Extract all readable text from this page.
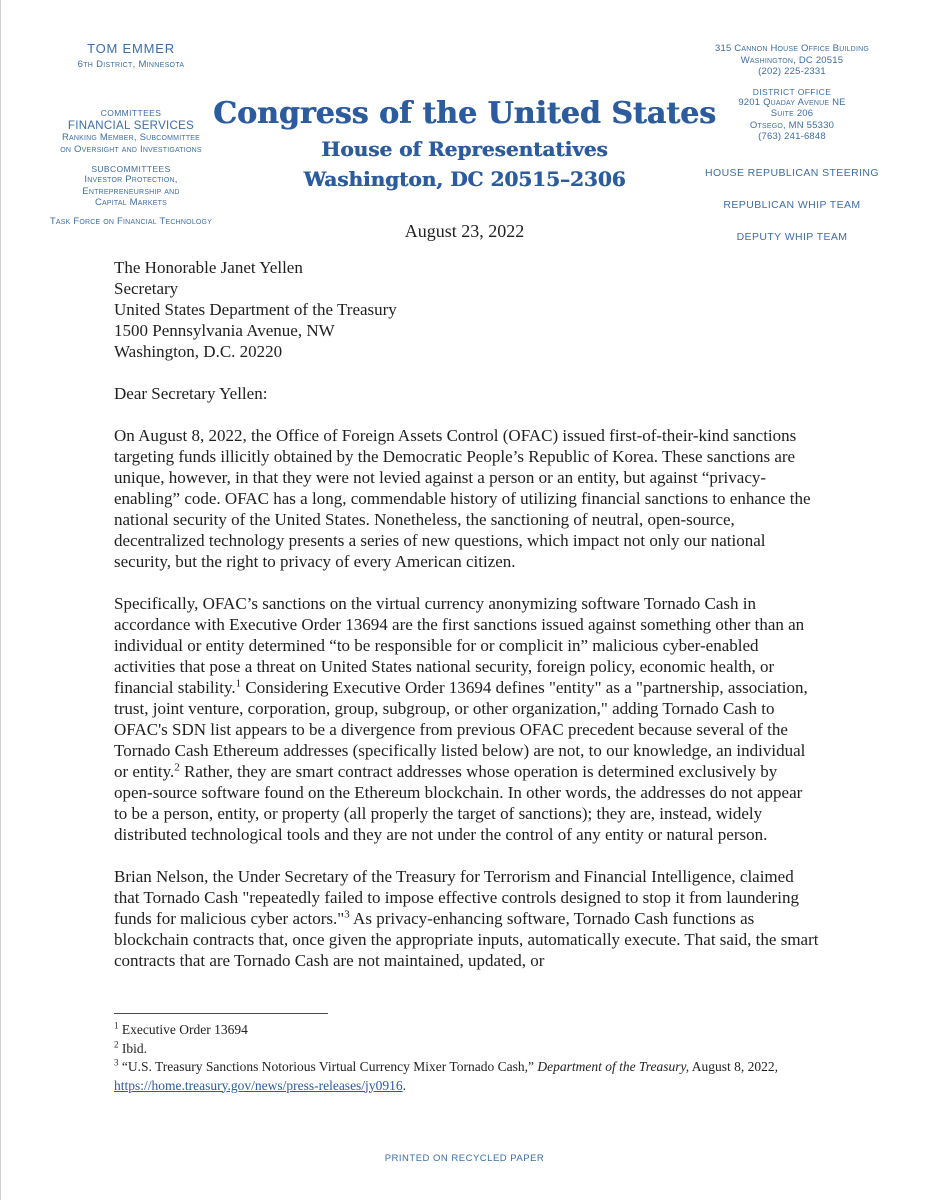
TOM EMMER
6th District, Minnesota
COMMITTEES
FINANCIAL SERVICES
Ranking Member, Subcommittee
on Oversight and Investigations
SUBCOMMITTEES
Investor Protection,
Entrepreneurship and
Capital Markets
Task Force on Financial Technology
Congress of the United States
House of Representatives
Washington, DC 20515–2306
315 Cannon House Office Building
Washington, DC 20515
(202) 225-2331
DISTRICT OFFICE
9201 Quaday Avenue NE
Suite 206
Otsego, MN 55330
(763) 241-6848
HOUSE REPUBLICAN STEERING
REPUBLICAN WHIP TEAM
DEPUTY WHIP TEAM
August 23, 2022
The Honorable Janet Yellen
Secretary
United States Department of the Treasury
1500 Pennsylvania Avenue, NW
Washington, D.C. 20220
Dear Secretary Yellen:
On August 8, 2022, the Office of Foreign Assets Control (OFAC) issued first-of-their-kind sanctions targeting funds illicitly obtained by the Democratic People’s Republic of Korea. These sanctions are unique, however, in that they were not levied against a person or an entity, but against “privacy-enabling” code. OFAC has a long, commendable history of utilizing financial sanctions to enhance the national security of the United States. Nonetheless, the sanctioning of neutral, open-source, decentralized technology presents a series of new questions, which impact not only our national security, but the right to privacy of every American citizen.
Specifically, OFAC’s sanctions on the virtual currency anonymizing software Tornado Cash in accordance with Executive Order 13694 are the first sanctions issued against something other than an individual or entity determined “to be responsible for or complicit in” malicious cyber-enabled activities that pose a threat on United States national security, foreign policy, economic health, or financial stability.$^1$ Considering Executive Order 13694 defines "entity" as a "partnership, association, trust, joint venture, corporation, group, subgroup, or other organization," adding Tornado Cash to OFAC's SDN list appears to be a divergence from previous OFAC precedent because several of the Tornado Cash Ethereum addresses (specifically listed below) are not, to our knowledge, an individual or entity.$^2$ Rather, they are smart contract addresses whose operation is determined exclusively by open-source software found on the Ethereum blockchain. In other words, the addresses do not appear to be a person, entity, or property (all properly the target of sanctions); they are, instead, widely distributed technological tools and they are not under the control of any entity or natural person.
Brian Nelson, the Under Secretary of the Treasury for Terrorism and Financial Intelligence, claimed that Tornado Cash "repeatedly failed to impose effective controls designed to stop it from laundering funds for malicious cyber actors."$^3$ As privacy-enhancing software, Tornado Cash functions as blockchain contracts that, once given the appropriate inputs, automatically execute. That said, the smart contracts that are Tornado Cash are not maintained, updated, or
$^1$ Executive Order 13694
$^2$ Ibid.
$^3$ “U.S. Treasury Sanctions Notorious Virtual Currency Mixer Tornado Cash,” Department of the Treasury, August 8, 2022, https://home.treasury.gov/news/press-releases/jy0916.
PRINTED ON RECYCLED PAPER
